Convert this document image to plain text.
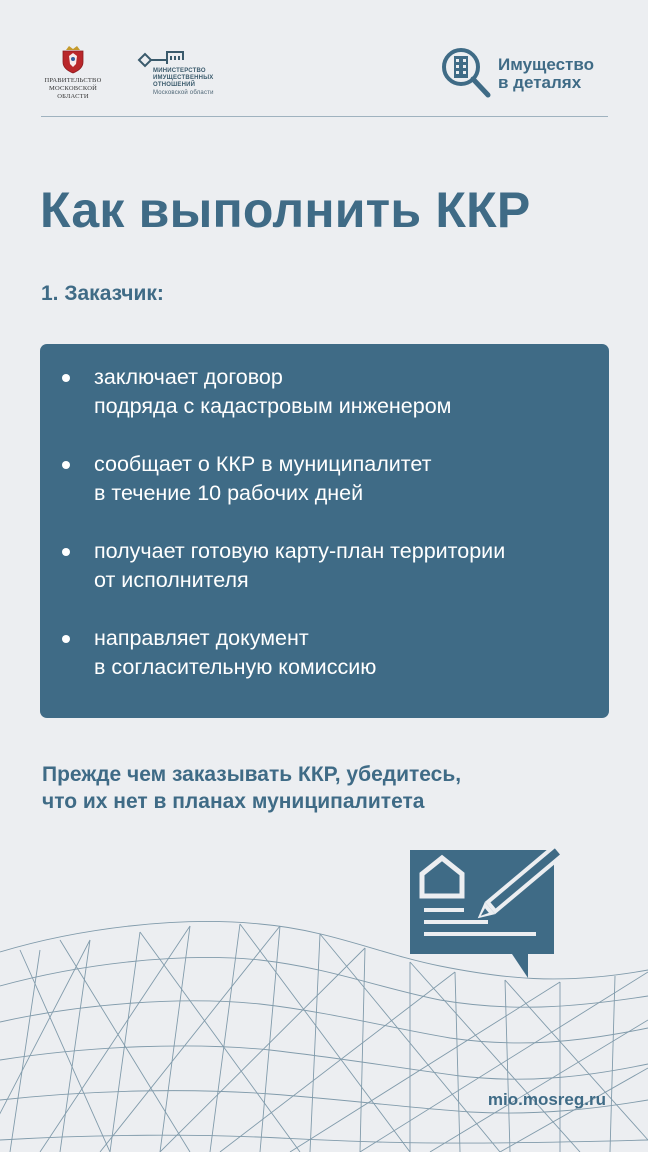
ПРАВИТЕЛЬСТВО
МОСКОВСКОЙ
ОБЛАСТИ
МИНИСТЕРСТВО
ИМУЩЕСТВЕННЫХ
ОТНОШЕНИЙ
Московской области
Имущество
в деталях
Как выполнить ККР
1. Заказчик:
заключает договор
подряда с кадастровым инженером
сообщает о ККР в муниципалитет
в течение 10 рабочих дней
получает готовую карту-план территории
от исполнителя
направляет документ
в согласительную комиссию
Прежде чем заказывать ККР, убедитесь,
что их нет в планах муниципалитета
mio.mosreg.ru
